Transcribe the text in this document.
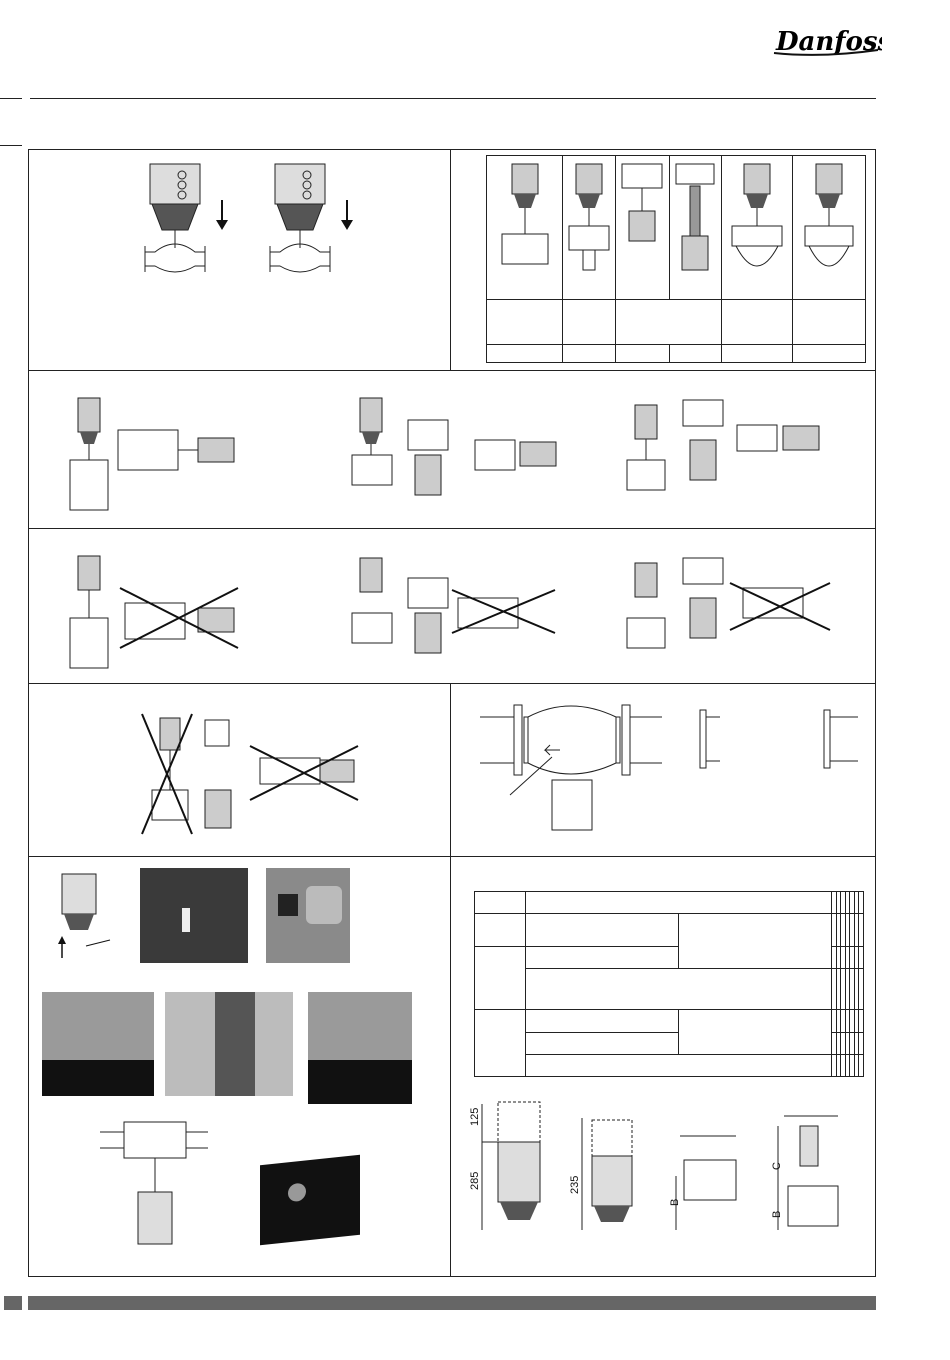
Danfoss

125
285	235
B
C
B
